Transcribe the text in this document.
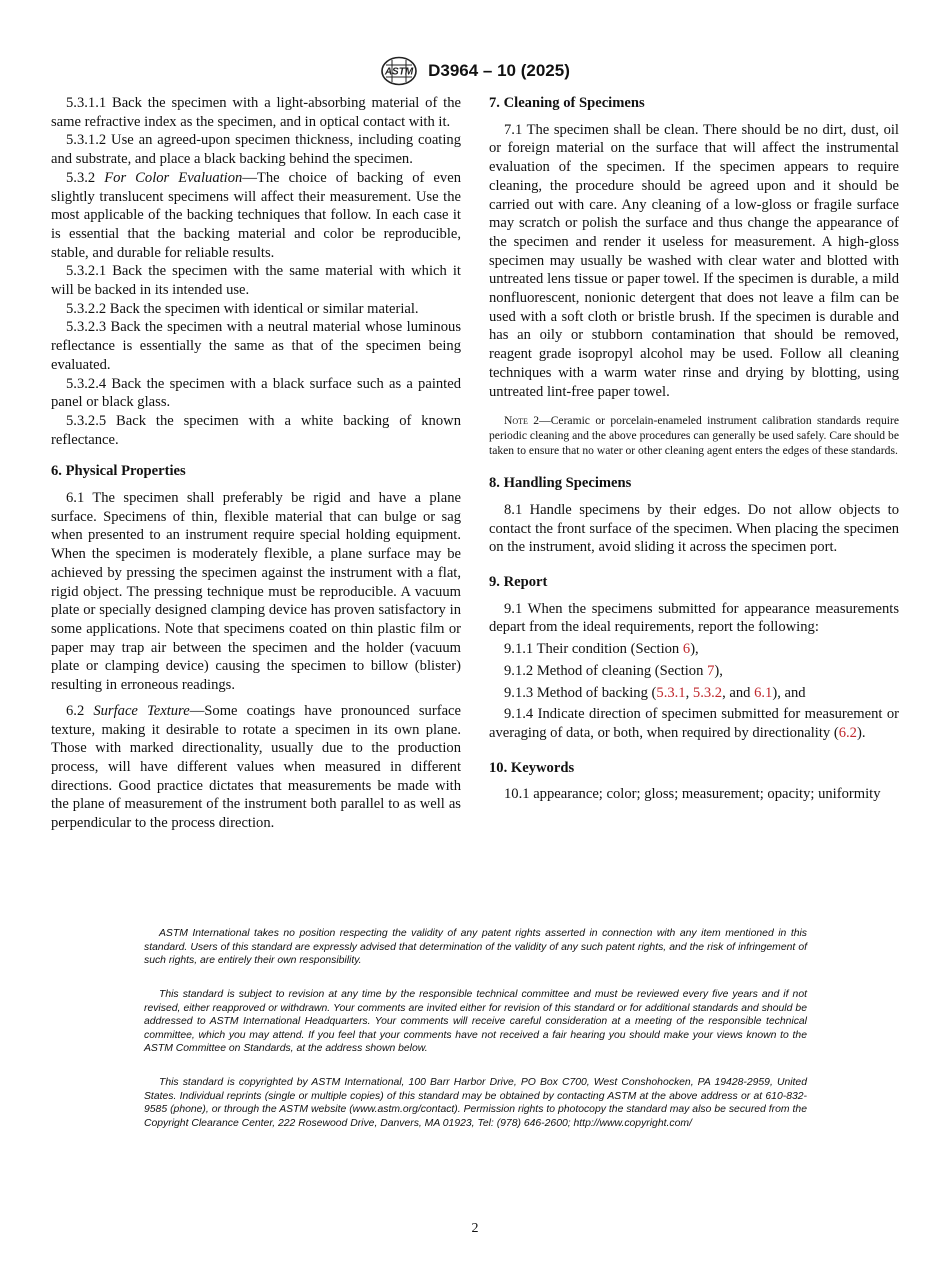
ASTM D3964 – 10 (2025)

5.3.1.1 Back the specimen with a light-absorbing material of the same refractive index as the specimen, and in optical contact with it.

5.3.1.2 Use an agreed-upon specimen thickness, including coating and substrate, and place a black backing behind the specimen.

5.3.2 For Color Evaluation—The choice of backing of even slightly translucent specimens will affect their measurement. Use the most applicable of the backing techniques that follow. In each case it is essential that the backing material and color be reproducible, stable, and durable for reliable results.

5.3.2.1 Back the specimen with the same material with which it will be backed in its intended use.

5.3.2.2 Back the specimen with identical or similar material.

5.3.2.3 Back the specimen with a neutral material whose luminous reflectance is essentially the same as that of the specimen being evaluated.

5.3.2.4 Back the specimen with a black surface such as a painted panel or black glass.

5.3.2.5 Back the specimen with a white backing of known reflectance.

6. Physical Properties

6.1 The specimen shall preferably be rigid and have a plane surface. Specimens of thin, flexible material that can bulge or sag when presented to an instrument require special holding equipment. When the specimen is moderately flexible, a plane surface may be achieved by pressing the specimen against the instrument with a flat, rigid object. The pressing technique must be reproducible. A vacuum plate or specially designed clamping device has proven satisfactory in some applications. Note that specimens coated on thin plastic film or paper may trap air between the specimen and the holder (vacuum plate or clamping device) causing the specimen to billow (blister) resulting in erroneous readings.

6.2 Surface Texture—Some coatings have pronounced surface texture, making it desirable to rotate a specimen in its own plane. Those with marked directionality, usually due to the production process, will have different values when measured in different directions. Good practice dictates that measurements be made with the plane of measurement of the instrument both parallel to as well as perpendicular to the process direction.

7. Cleaning of Specimens

7.1 The specimen shall be clean. There should be no dirt, dust, oil or foreign material on the surface that will affect the instrumental evaluation of the specimen. If the specimen appears to require cleaning, the procedure should be agreed upon and it should be carried out with care. Any cleaning of a low-gloss or fragile surface may scratch or polish the surface and thus change the appearance of the specimen and render it useless for measurement. A high-gloss specimen may usually be washed with clear water and blotted with untreated lens tissue or paper towel. If the specimen is durable, a mild nonfluorescent, nonionic detergent that does not leave a film can be used with a soft cloth or bristle brush. If the specimen is durable and has an oily or stubborn contamination that should be removed, reagent grade isopropyl alcohol may be used. Follow all cleaning techniques with a warm water rinse and drying by blotting, using untreated lint-free paper towel.

Note 2—Ceramic or porcelain-enameled instrument calibration standards require periodic cleaning and the above procedures can generally be used safely. Care should be taken to ensure that no water or other cleaning agent enters the edges of these standards.

8. Handling Specimens

8.1 Handle specimens by their edges. Do not allow objects to contact the front surface of the specimen. When placing the specimen on the instrument, avoid sliding it across the specimen port.

9. Report

9.1 When the specimens submitted for appearance measurements depart from the ideal requirements, report the following:

9.1.1 Their condition (Section 6),

9.1.2 Method of cleaning (Section 7),

9.1.3 Method of backing (5.3.1, 5.3.2, and 6.1), and

9.1.4 Indicate direction of specimen submitted for measurement or averaging of data, or both, when required by directionality (6.2).

10. Keywords

10.1 appearance; color; gloss; measurement; opacity; uniformity

ASTM International takes no position respecting the validity of any patent rights asserted in connection with any item mentioned in this standard. Users of this standard are expressly advised that determination of the validity of any such patent rights, and the risk of infringement of such rights, are entirely their own responsibility.

This standard is subject to revision at any time by the responsible technical committee and must be reviewed every five years and if not revised, either reapproved or withdrawn. Your comments are invited either for revision of this standard or for additional standards and should be addressed to ASTM International Headquarters. Your comments will receive careful consideration at a meeting of the responsible technical committee, which you may attend. If you feel that your comments have not received a fair hearing you should make your views known to the ASTM Committee on Standards, at the address shown below.

This standard is copyrighted by ASTM International, 100 Barr Harbor Drive, PO Box C700, West Conshohocken, PA 19428-2959, United States. Individual reprints (single or multiple copies) of this standard may be obtained by contacting ASTM at the above address or at 610-832-9585 (phone), or through the ASTM website (www.astm.org/contact). Permission rights to photocopy the standard may also be secured from the Copyright Clearance Center, 222 Rosewood Drive, Danvers, MA 01923, Tel: (978) 646-2600; http://www.copyright.com/

2
